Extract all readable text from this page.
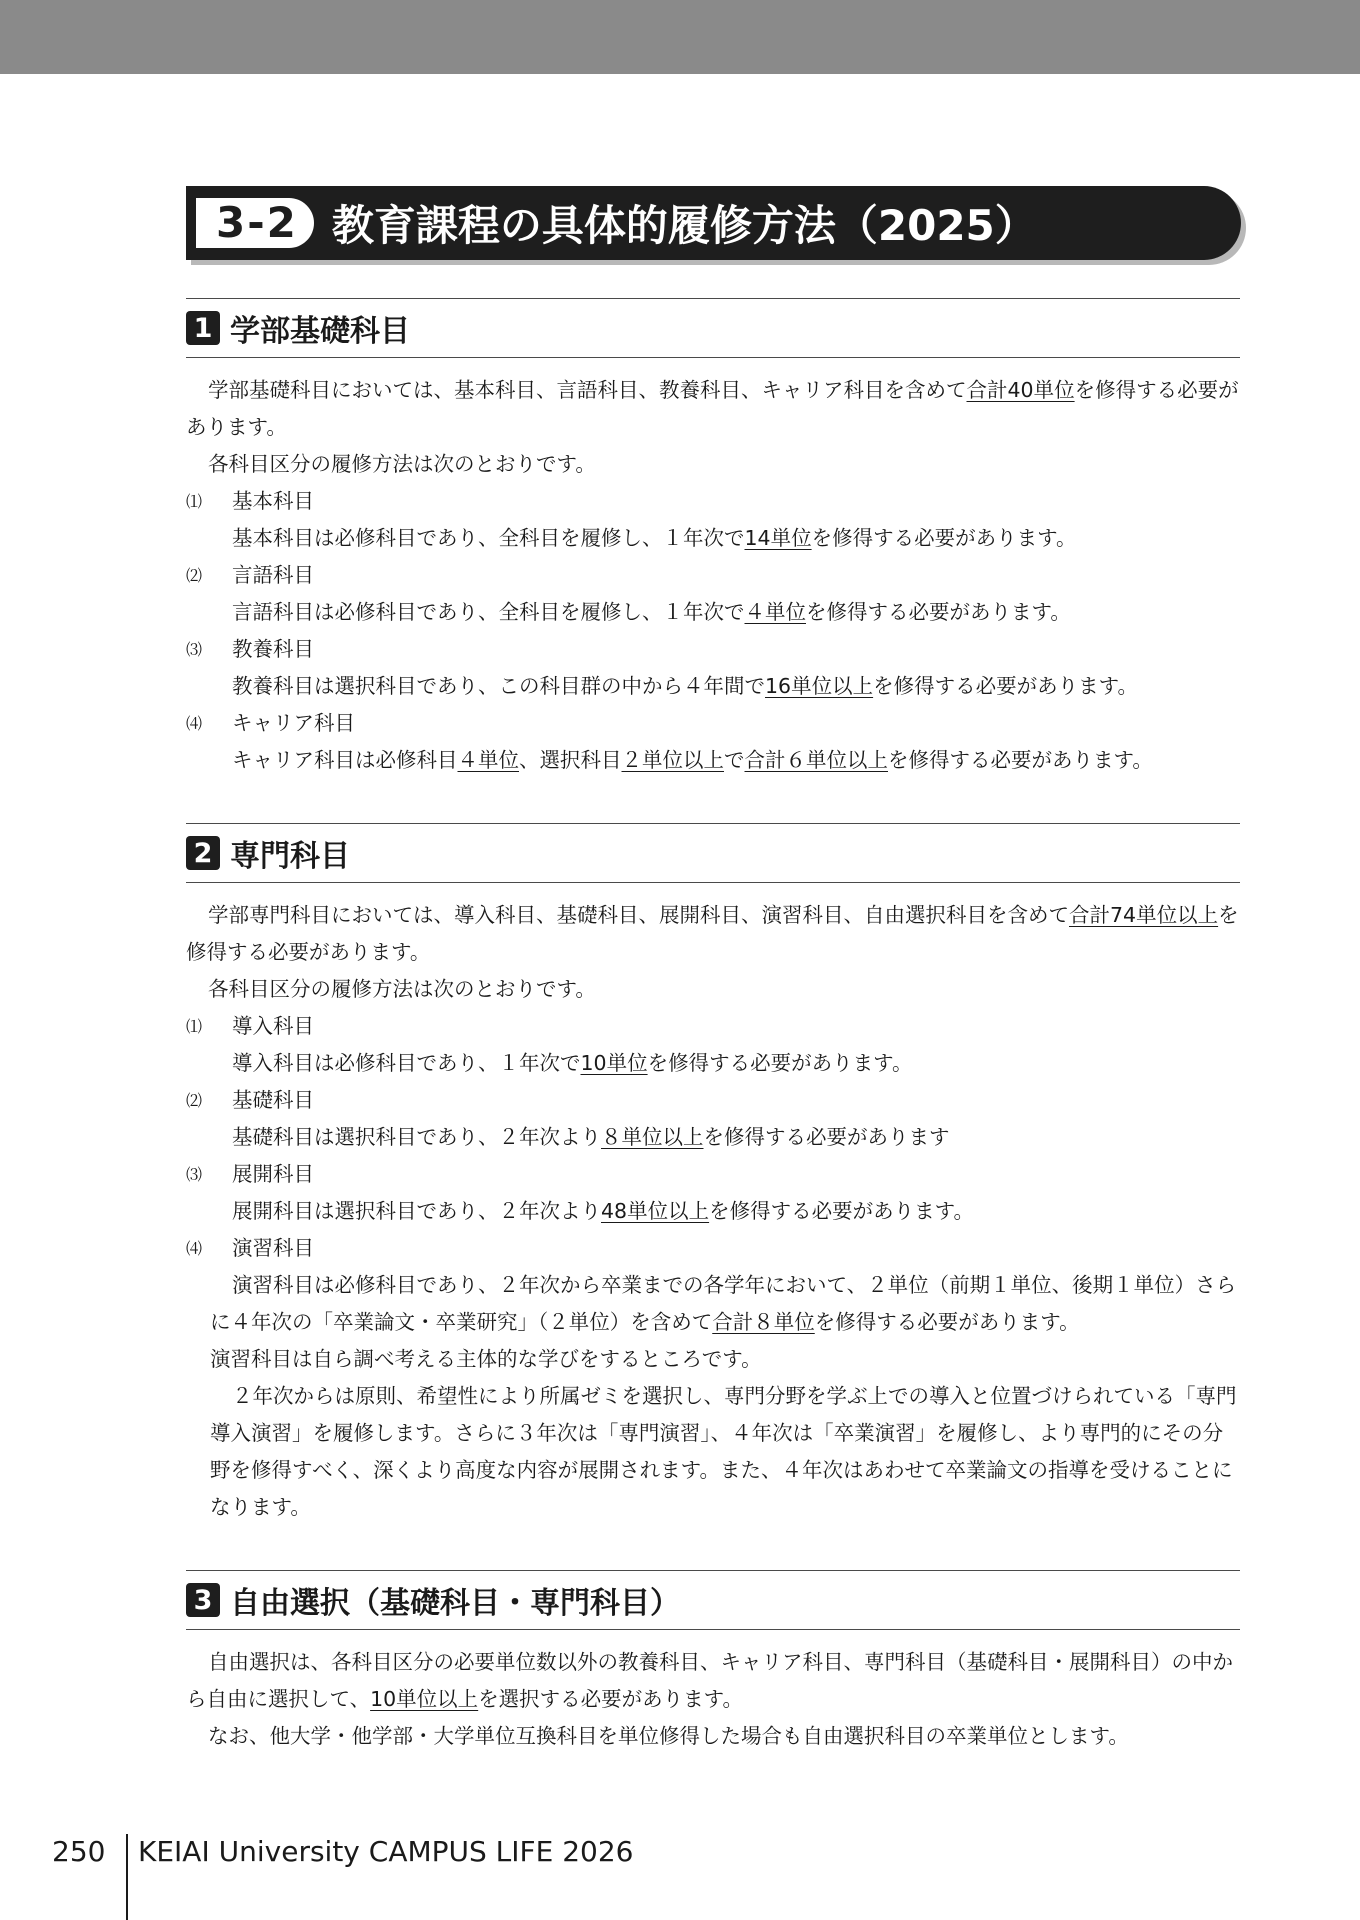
3-2 教育課程の具体的履修方法（2025）
1 学部基礎科目
学部基礎科目においては、基本科目、言語科目、教養科目、キャリア科目を含めて合計40単位を修得する必要があります。
各科目区分の履修方法は次のとおりです。
⑴	基本科目
基本科目は必修科目であり、全科目を履修し、１年次で14単位を修得する必要があります。
⑵	言語科目
言語科目は必修科目であり、全科目を履修し、１年次で４単位を修得する必要があります。
⑶	教養科目
教養科目は選択科目であり、この科目群の中から４年間で16単位以上を修得する必要があります。
⑷	キャリア科目
キャリア科目は必修科目４単位、選択科目２単位以上で合計６単位以上を修得する必要があります。
2 専門科目
学部専門科目においては、導入科目、基礎科目、展開科目、演習科目、自由選択科目を含めて合計74単位以上を修得する必要があります。
各科目区分の履修方法は次のとおりです。
⑴	導入科目
導入科目は必修科目であり、１年次で10単位を修得する必要があります。
⑵	基礎科目
基礎科目は選択科目であり、２年次より８単位以上を修得する必要があります
⑶	展開科目
展開科目は選択科目であり、２年次より48単位以上を修得する必要があります。
⑷	演習科目
演習科目は必修科目であり、２年次から卒業までの各学年において、２単位（前期１単位、後期１単位）さらに４年次の「卒業論文・卒業研究」（２単位）を含めて合計８単位を修得する必要があります。
演習科目は自ら調べ考える主体的な学びをするところです。
２年次からは原則、希望性により所属ゼミを選択し、専門分野を学ぶ上での導入と位置づけられている「専門導入演習」を履修します。さらに３年次は「専門演習」、４年次は「卒業演習」を履修し、より専門的にその分野を修得すべく、深くより高度な内容が展開されます。また、４年次はあわせて卒業論文の指導を受けることになります。
3 自由選択（基礎科目・専門科目）
自由選択は、各科目区分の必要単位数以外の教養科目、キャリア科目、専門科目（基礎科目・展開科目）の中から自由に選択して、10単位以上を選択する必要があります。
なお、他大学・他学部・大学単位互換科目を単位修得した場合も自由選択科目の卒業単位とします。
250 KEIAI University CAMPUS LIFE 2026
